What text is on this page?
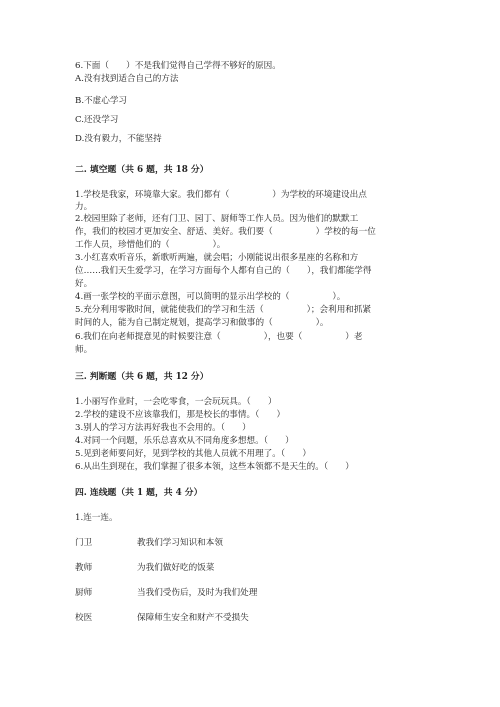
6.下面（　　）不是我们觉得自己学得不够好的原因。
A.没有找到适合自己的方法
B.不虚心学习
C.还没学习
D.没有毅力，不能坚持
二. 填空题（共 6 题，共 18 分）
1.学校是我家，环境靠大家。我们都有（　　　　　）为学校的环境建设出点
力。
2.校园里除了老师，还有门卫、园丁、厨师等工作人员。因为他们的默默工
作，我们的校园才更加安全、舒适、美好。我们要（　　　　　）学校的每一位
工作人员，珍惜他们的（　　　　　）。
3.小红喜欢听音乐，新歌听两遍，就会唱；小刚能说出很多星座的名称和方
位……我们天生爱学习，在学习方面每个人都有自己的（　　），我们都能学得
好。
4.画一张学校的平面示意图，可以简明的显示出学校的（　　　　　）。
5.充分利用零散时间，就能使我们的学习和生活（　　　　　）；会利用和抓紧
时间的人，能为自己制定规划，提高学习和做事的（　　　　　）。
6.我们在向老师提意见的时候要注意（　　　　　），也要（　　　　　）老
师。
三. 判断题（共 6 题，共 12 分）
1.小丽写作业时，一会吃零食，一会玩玩具。（　　）
2.学校的建设不应该靠我们，那是校长的事情。（　　）
3.别人的学习方法再好我也不会用的。（　　）
4.对同一个问题，乐乐总喜欢从不同角度多想想。（　　）
5.见到老师要问好，见到学校的其他人员就不用理了。（　　）
6.从出生到现在，我们掌握了很多本领，这些本领都不是天生的。（　　）
四. 连线题（共 1 题，共 4 分）
1.连一连。
门卫	教我们学习知识和本领
教师	为我们做好吃的饭菜
厨师	当我们受伤后，及时为我们处理
校医	保障师生安全和财产不受损失
